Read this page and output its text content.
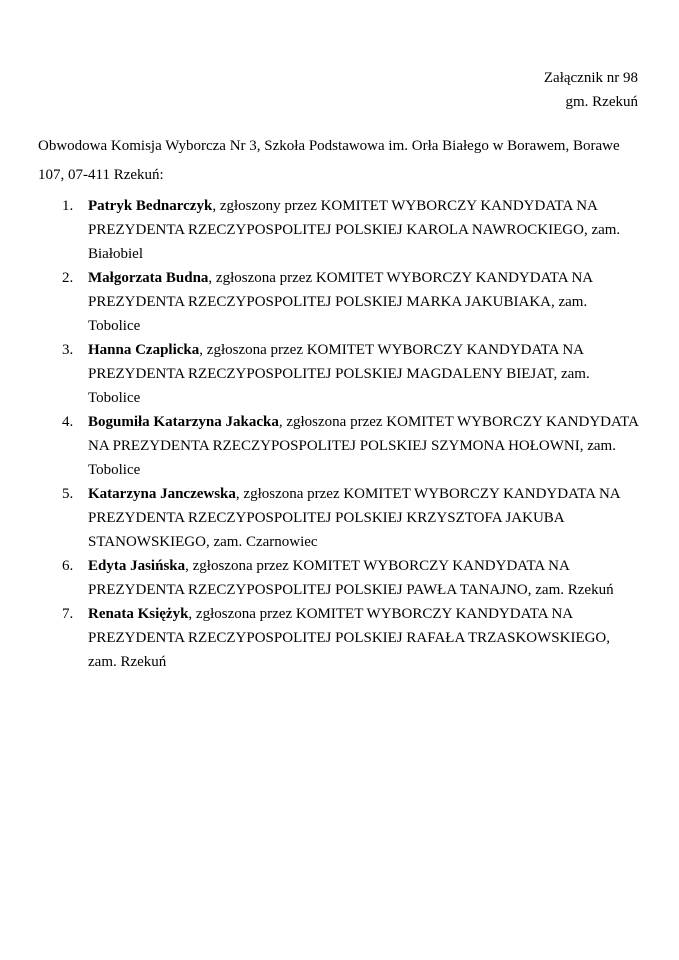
Załącznik nr 98
gm. Rzekuń

Obwodowa Komisja Wyborcza Nr 3, Szkoła Podstawowa im. Orła Białego w Borawem, Borawe 107, 07-411 Rzekuń:

1. Patryk Bednarczyk, zgłoszony przez KOMITET WYBORCZY KANDYDATA NA PREZYDENTA RZECZYPOSPOLITEJ POLSKIEJ KAROLA NAWROCKIEGO, zam. Białobiel
2. Małgorzata Budna, zgłoszona przez KOMITET WYBORCZY KANDYDATA NA PREZYDENTA RZECZYPOSPOLITEJ POLSKIEJ MARKA JAKUBIAKA, zam. Tobolice
3. Hanna Czaplicka, zgłoszona przez KOMITET WYBORCZY KANDYDATA NA PREZYDENTA RZECZYPOSPOLITEJ POLSKIEJ MAGDALENY BIEJAT, zam. Tobolice
4. Bogumiła Katarzyna Jakacka, zgłoszona przez KOMITET WYBORCZY KANDYDATA NA PREZYDENTA RZECZYPOSPOLITEJ POLSKIEJ SZYMONA HOŁOWNI, zam. Tobolice
5. Katarzyna Janczewska, zgłoszona przez KOMITET WYBORCZY KANDYDATA NA PREZYDENTA RZECZYPOSPOLITEJ POLSKIEJ KRZYSZTOFA JAKUBA STANOWSKIEGO, zam. Czarnowiec
6. Edyta Jasińska, zgłoszona przez KOMITET WYBORCZY KANDYDATA NA PREZYDENTA RZECZYPOSPOLITEJ POLSKIEJ PAWŁA TANAJNO, zam. Rzekuń
7. Renata Księżyk, zgłoszona przez KOMITET WYBORCZY KANDYDATA NA PREZYDENTA RZECZYPOSPOLITEJ POLSKIEJ RAFAŁA TRZASKOWSKIEGO, zam. Rzekuń
